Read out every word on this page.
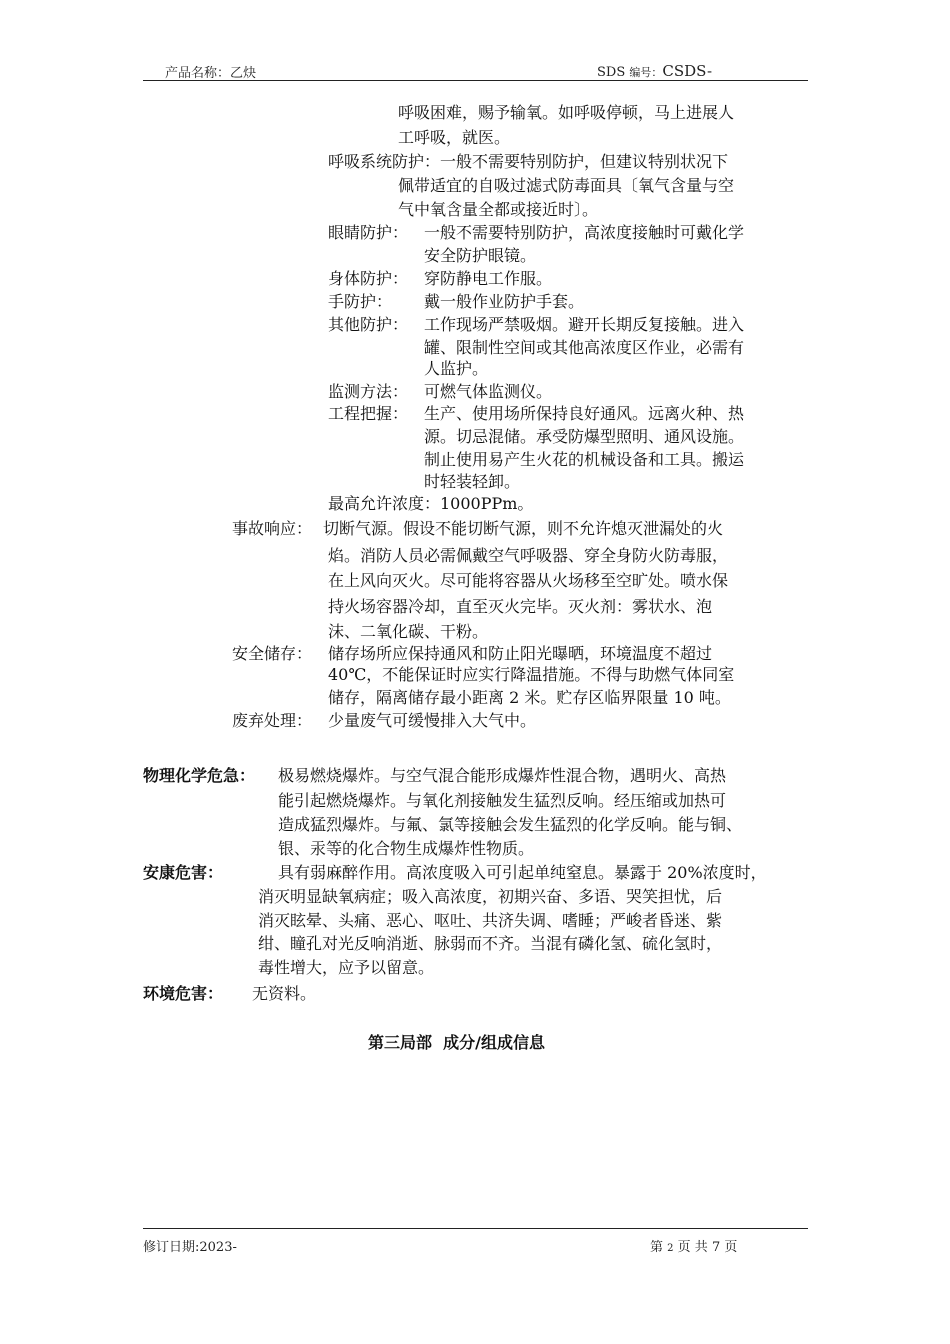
产品名称：乙炔	SDS 编号：CSDS-
呼吸困难，赐予输氧。如呼吸停顿，马上进展人
工呼吸，就医。
呼吸系统防护： 一般不需要特别防护，但建议特别状况下
佩带适宜的自吸过滤式防毒面具〔氧气含量与空
气中氧含量全都或接近时〕。
眼睛防护： 一般不需要特别防护，高浓度接触时可戴化学
安全防护眼镜。
身体防护： 穿防静电工作服。
手防护： 戴一般作业防护手套。
其他防护： 工作现场严禁吸烟。避开长期反复接触。进入
罐、限制性空间或其他高浓度区作业，必需有
人监护。
监测方法： 可燃气体监测仪。
工程把握： 生产、使用场所保持良好通风。远离火种、热
源。切忌混储。承受防爆型照明、通风设施。
制止使用易产生火花的机械设备和工具。搬运
时轻装轻卸。
最高允许浓度：1000PPm。
事故响应： 切断气源。假设不能切断气源，则不允许熄灭泄漏处的火
焰。消防人员必需佩戴空气呼吸器、穿全身防火防毒服，
在上风向灭火。尽可能将容器从火场移至空旷处。喷水保
持火场容器冷却，直至灭火完毕。灭火剂：雾状水、泡
沫、二氧化碳、干粉。
安全储存： 储存场所应保持通风和防止阳光曝晒，环境温度不超过
40℃，不能保证时应实行降温措施。不得与助燃气体同室
储存，隔离储存最小距离 2 米。贮存区临界限量 10 吨。
废弃处理： 少量废气可缓慢排入大气中。
物理化学危急： 极易燃烧爆炸。与空气混合能形成爆炸性混合物，遇明火、高热
能引起燃烧爆炸。与氧化剂接触发生猛烈反响。经压缩或加热可
造成猛烈爆炸。与氟、氯等接触会发生猛烈的化学反响。能与铜、
银、汞等的化合物生成爆炸性物质。
安康危害：	具有弱麻醉作用。高浓度吸入可引起单纯窒息。暴露于 20%浓度时，
消灭明显缺氧病症；吸入高浓度，初期兴奋、多语、哭笑担忧，后
消灭眩晕、头痛、恶心、呕吐、共济失调、嗜睡；严峻者昏迷、紫
绀、瞳孔对光反响消逝、脉弱而不齐。当混有磷化氢、硫化氢时，
毒性增大，应予以留意。
环境危害： 无资料。
第三局部  成分/组成信息
修订日期:2023-	第 2 页 共 7 页
